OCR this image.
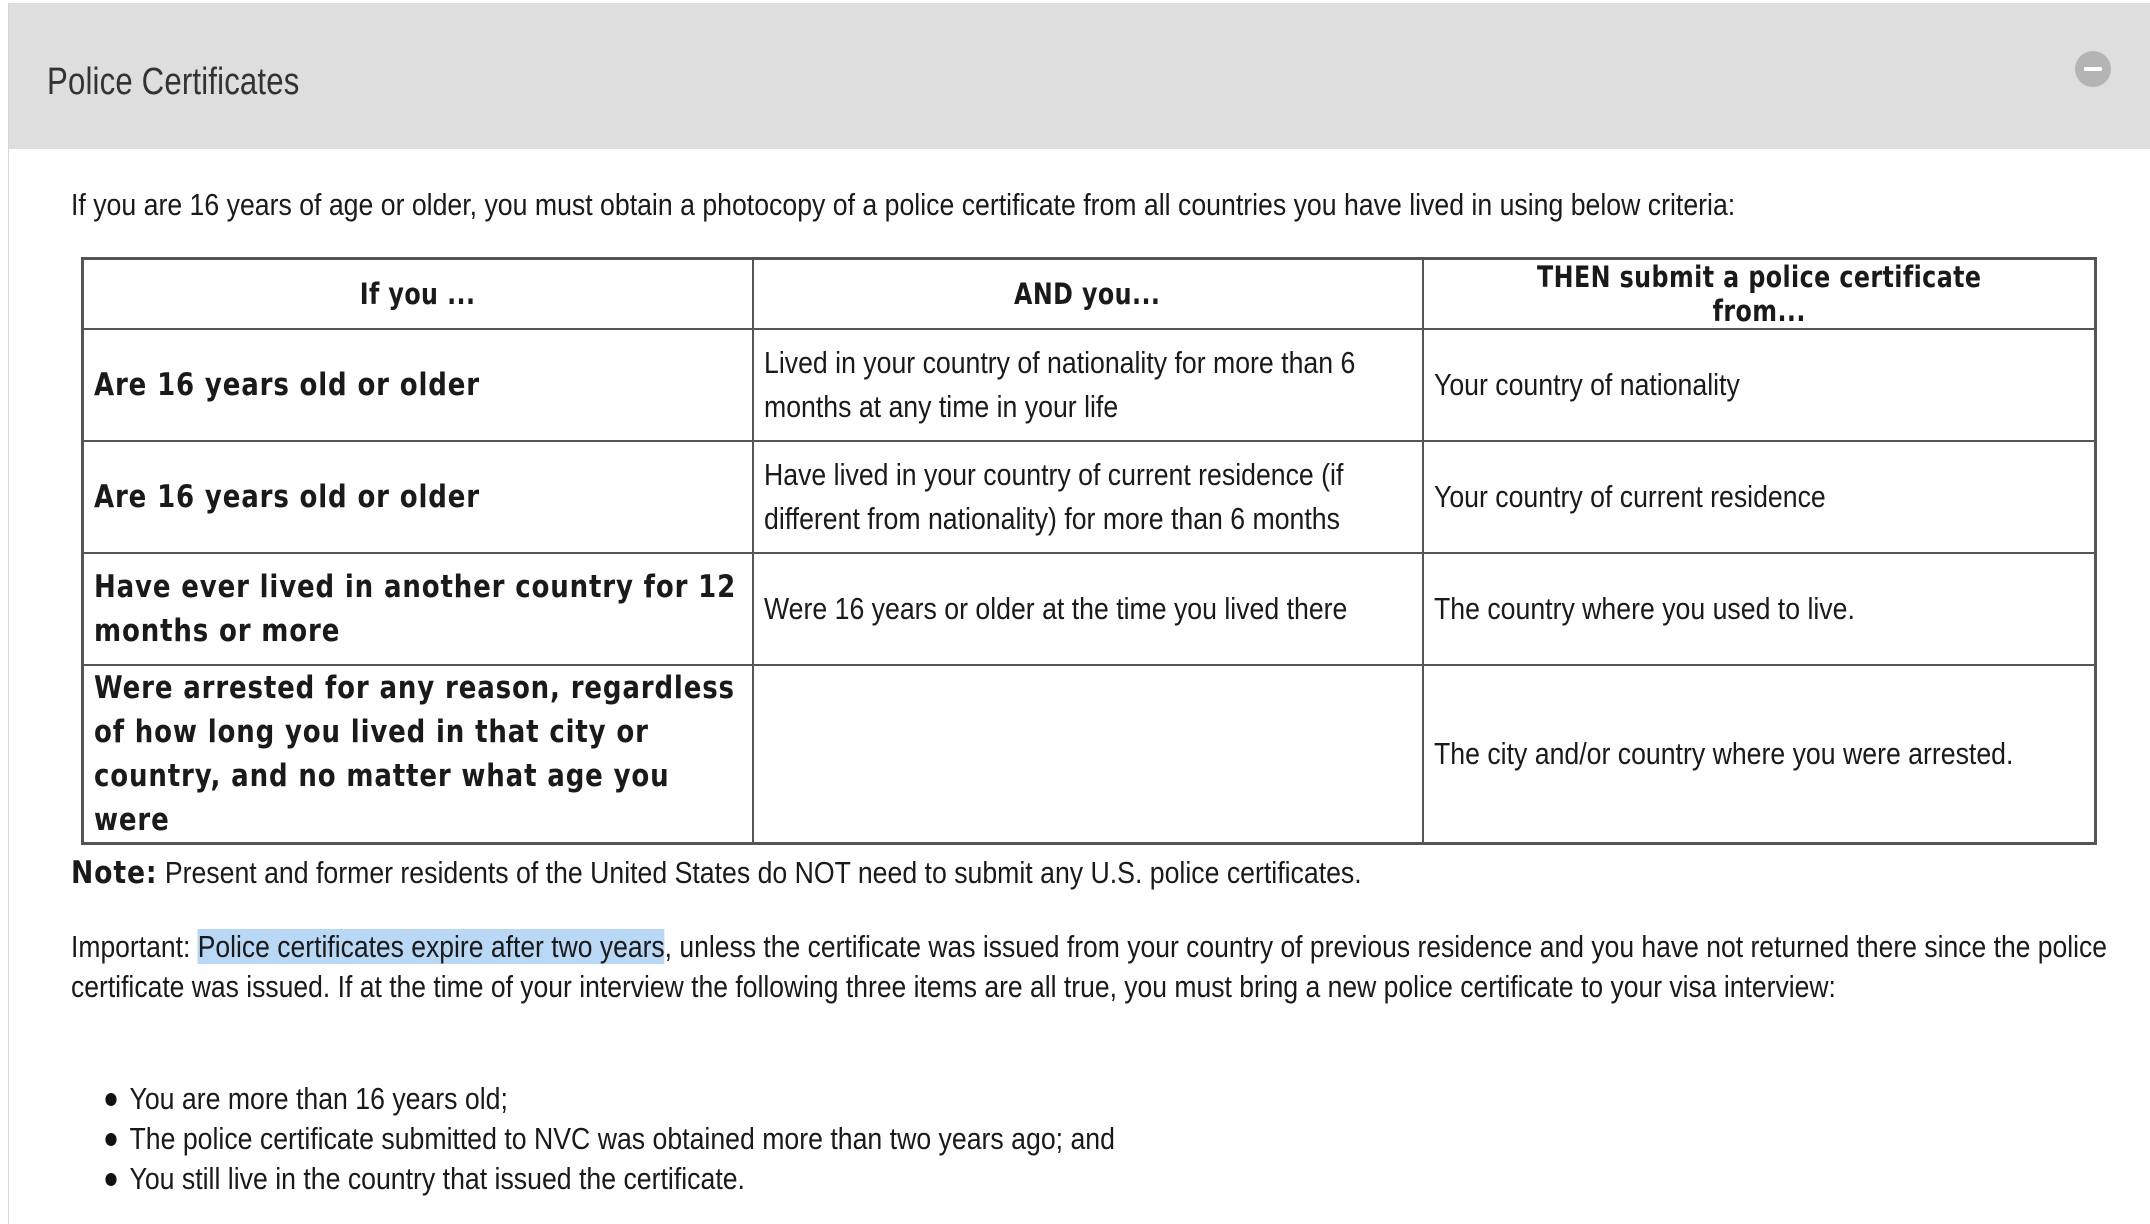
Police Certificates
If you are 16 years of age or older, you must obtain a photocopy of a police certificate from all countries you have lived in using below criteria:
If you ...	AND you...	THEN submit a police certificate from...

Are 16 years old or older	Lived in your country of nationality for more than 6 months at any time in your life	Your country of nationality

Are 16 years old or older	Have lived in your country of current residence (if different from nationality) for more than 6 months	Your country of current residence

Have ever lived in another country for 12 months or more	Were 16 years or older at the time you lived there	The country where you used to live.

Were arrested for any reason, regardless of how long you lived in that city or country, and no matter what age you were		The city and/or country where you were arrested.
Note: Present and former residents of the United States do NOT need to submit any U.S. police certificates.
Important: Police certificates expire after two years, unless the certificate was issued from your country of previous residence and you have not returned there since the police certificate was issued. If at the time of your interview the following three items are all true, you must bring a new police certificate to your visa interview:
You are more than 16 years old;
The police certificate submitted to NVC was obtained more than two years ago; and
You still live in the country that issued the certificate.
